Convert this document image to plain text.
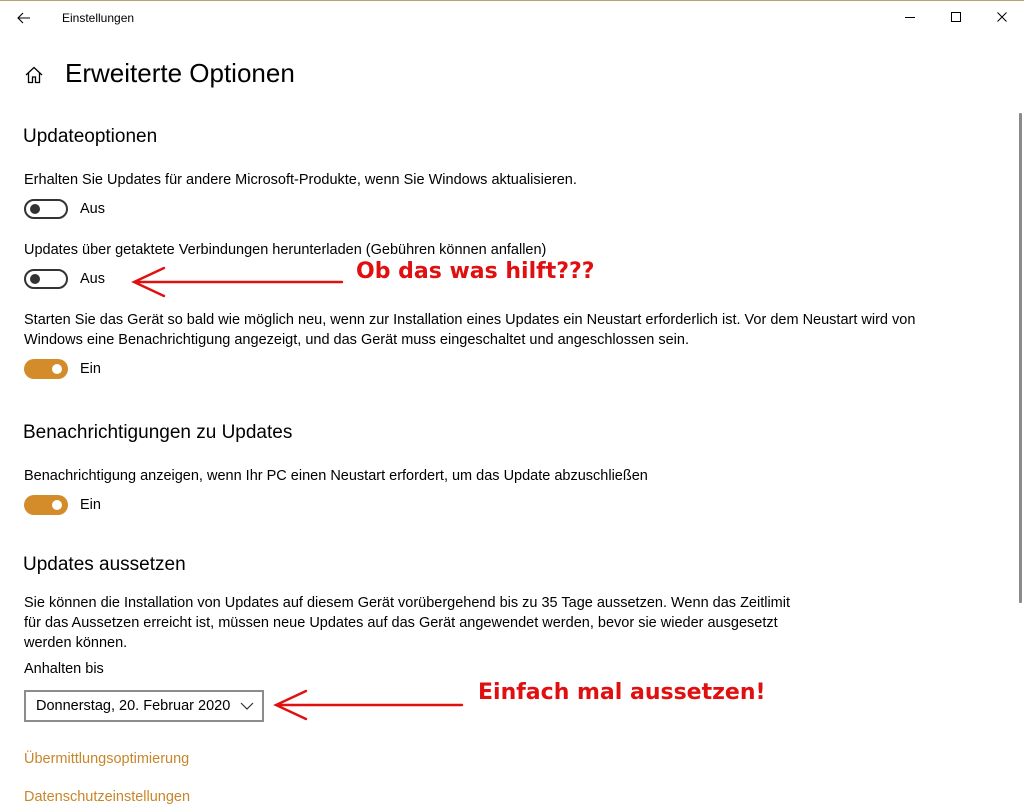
Einstellungen
Erweiterte Optionen
Updateoptionen
Erhalten Sie Updates für andere Microsoft-Produkte, wenn Sie Windows aktualisieren.
Aus
Updates über getaktete Verbindungen herunterladen (Gebühren können anfallen)
Aus
Starten Sie das Gerät so bald wie möglich neu, wenn zur Installation eines Updates ein Neustart erforderlich ist. Vor dem Neustart wird von
Windows eine Benachrichtigung angezeigt, und das Gerät muss eingeschaltet und angeschlossen sein.
Ein
Benachrichtigungen zu Updates
Benachrichtigung anzeigen, wenn Ihr PC einen Neustart erfordert, um das Update abzuschließen
Ein
Updates aussetzen
Sie können die Installation von Updates auf diesem Gerät vorübergehend bis zu 35 Tage aussetzen. Wenn das Zeitlimit
für das Aussetzen erreicht ist, müssen neue Updates auf das Gerät angewendet werden, bevor sie wieder ausgesetzt
werden können.
Anhalten bis
Donnerstag, 20. Februar 2020
Übermittlungsoptimierung
Datenschutzeinstellungen
Ob das was hilft???
Einfach mal aussetzen!
